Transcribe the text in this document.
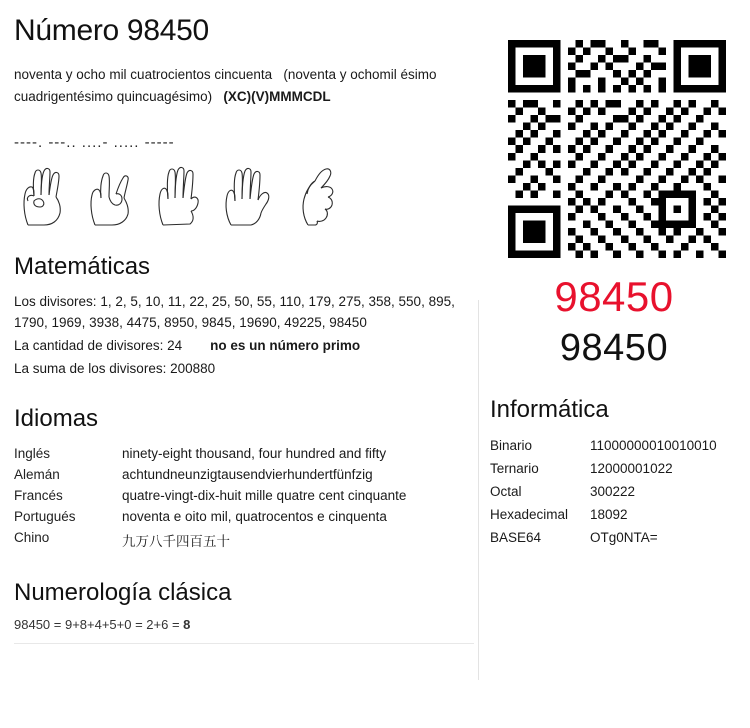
Número 98450
noventa y ocho mil cuatrocientos cincuenta (noventa y ochomil ésimo cuadrigentésimo quincuagésimo) (XC)(V)MMMCDL
----. ---.. ....- ..... -----
Matemáticas
Los divisores: 1, 2, 5, 10, 11, 22, 25, 50, 55, 110, 179, 275, 358, 550, 895, 1790, 1969, 3938, 4475, 8950, 9845, 19690, 49225, 98450
La cantidad de divisores: 24 no es un número primo
La suma de los divisores: 200880
Idiomas
Inglés	ninety-eight thousand, four hundred and fifty
Alemán	achtundneunzigtausendvierhundertfünfzig
Francés	quatre-vingt-dix-huit mille quatre cent cinquante
Portugués	noventa e oito mil, quatrocentos e cinquenta
Chino	九万八千四百五十
Numerología clásica
98450 = 9+8+4+5+0 = 2+6 = 8
98450
98450
Informática
Binario	11000000010010010
Ternario	12000001022
Octal	300222
Hexadecimal	18092
BASE64	OTg0NTA=
